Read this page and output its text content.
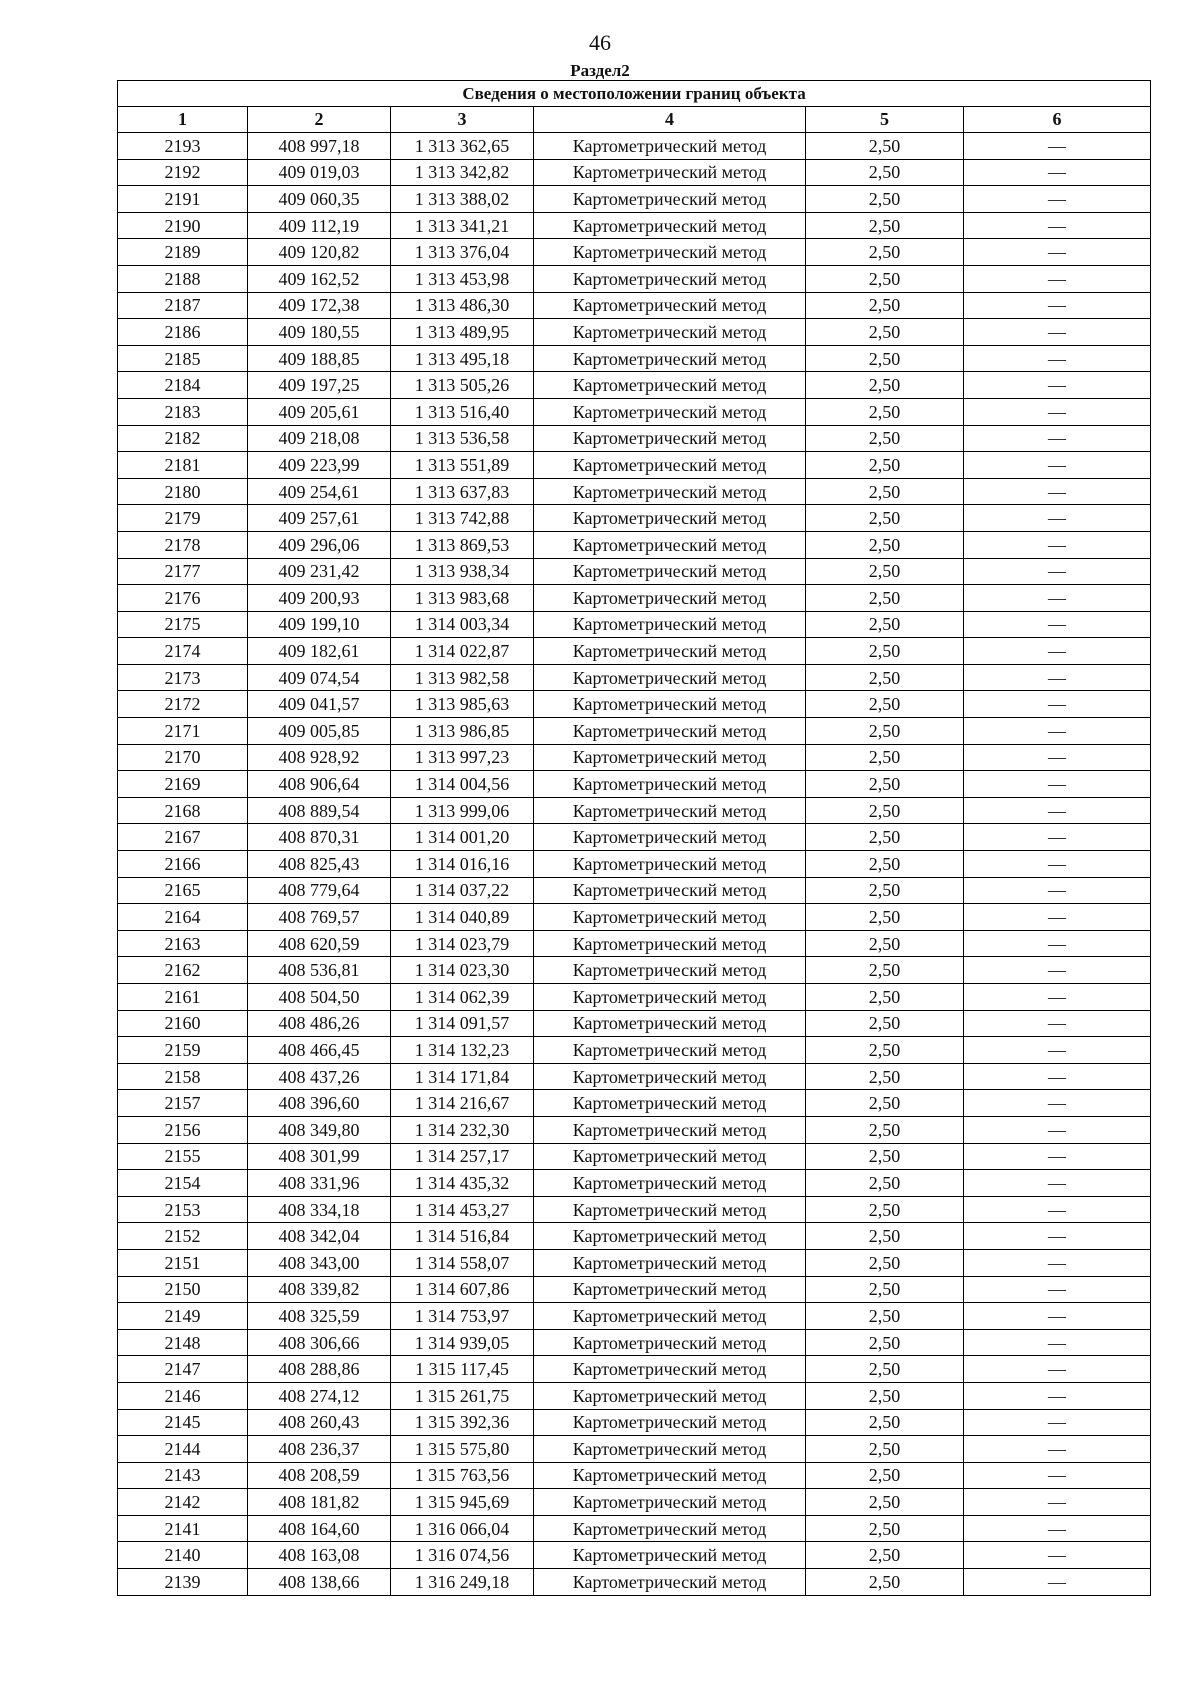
46
Раздел2
Сведения о местоположении границ объекта					
1	2	3	4	5	6
2193	408 997,18	1 313 362,65	Картометрический метод	2,50	—
2192	409 019,03	1 313 342,82	Картометрический метод	2,50	—
2191	409 060,35	1 313 388,02	Картометрический метод	2,50	—
2190	409 112,19	1 313 341,21	Картометрический метод	2,50	—
2189	409 120,82	1 313 376,04	Картометрический метод	2,50	—
2188	409 162,52	1 313 453,98	Картометрический метод	2,50	—
2187	409 172,38	1 313 486,30	Картометрический метод	2,50	—
2186	409 180,55	1 313 489,95	Картометрический метод	2,50	—
2185	409 188,85	1 313 495,18	Картометрический метод	2,50	—
2184	409 197,25	1 313 505,26	Картометрический метод	2,50	—
2183	409 205,61	1 313 516,40	Картометрический метод	2,50	—
2182	409 218,08	1 313 536,58	Картометрический метод	2,50	—
2181	409 223,99	1 313 551,89	Картометрический метод	2,50	—
2180	409 254,61	1 313 637,83	Картометрический метод	2,50	—
2179	409 257,61	1 313 742,88	Картометрический метод	2,50	—
2178	409 296,06	1 313 869,53	Картометрический метод	2,50	—
2177	409 231,42	1 313 938,34	Картометрический метод	2,50	—
2176	409 200,93	1 313 983,68	Картометрический метод	2,50	—
2175	409 199,10	1 314 003,34	Картометрический метод	2,50	—
2174	409 182,61	1 314 022,87	Картометрический метод	2,50	—
2173	409 074,54	1 313 982,58	Картометрический метод	2,50	—
2172	409 041,57	1 313 985,63	Картометрический метод	2,50	—
2171	409 005,85	1 313 986,85	Картометрический метод	2,50	—
2170	408 928,92	1 313 997,23	Картометрический метод	2,50	—
2169	408 906,64	1 314 004,56	Картометрический метод	2,50	—
2168	408 889,54	1 313 999,06	Картометрический метод	2,50	—
2167	408 870,31	1 314 001,20	Картометрический метод	2,50	—
2166	408 825,43	1 314 016,16	Картометрический метод	2,50	—
2165	408 779,64	1 314 037,22	Картометрический метод	2,50	—
2164	408 769,57	1 314 040,89	Картометрический метод	2,50	—
2163	408 620,59	1 314 023,79	Картометрический метод	2,50	—
2162	408 536,81	1 314 023,30	Картометрический метод	2,50	—
2161	408 504,50	1 314 062,39	Картометрический метод	2,50	—
2160	408 486,26	1 314 091,57	Картометрический метод	2,50	—
2159	408 466,45	1 314 132,23	Картометрический метод	2,50	—
2158	408 437,26	1 314 171,84	Картометрический метод	2,50	—
2157	408 396,60	1 314 216,67	Картометрический метод	2,50	—
2156	408 349,80	1 314 232,30	Картометрический метод	2,50	—
2155	408 301,99	1 314 257,17	Картометрический метод	2,50	—
2154	408 331,96	1 314 435,32	Картометрический метод	2,50	—
2153	408 334,18	1 314 453,27	Картометрический метод	2,50	—
2152	408 342,04	1 314 516,84	Картометрический метод	2,50	—
2151	408 343,00	1 314 558,07	Картометрический метод	2,50	—
2150	408 339,82	1 314 607,86	Картометрический метод	2,50	—
2149	408 325,59	1 314 753,97	Картометрический метод	2,50	—
2148	408 306,66	1 314 939,05	Картометрический метод	2,50	—
2147	408 288,86	1 315 117,45	Картометрический метод	2,50	—
2146	408 274,12	1 315 261,75	Картометрический метод	2,50	—
2145	408 260,43	1 315 392,36	Картометрический метод	2,50	—
2144	408 236,37	1 315 575,80	Картометрический метод	2,50	—
2143	408 208,59	1 315 763,56	Картометрический метод	2,50	—
2142	408 181,82	1 315 945,69	Картометрический метод	2,50	—
2141	408 164,60	1 316 066,04	Картометрический метод	2,50	—
2140	408 163,08	1 316 074,56	Картометрический метод	2,50	—
2139	408 138,66	1 316 249,18	Картометрический метод	2,50	—
